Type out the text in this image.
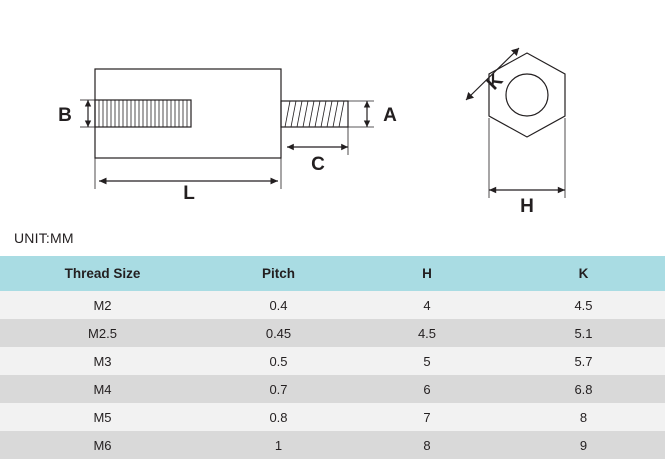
B	A
C
L
K
H
UNIT:MM
Thread Size	Pitch	H	K
M2	0.4	4	4.5
M2.5	0.45	4.5	5.1
M3	0.5	5	5.7
M4	0.7	6	6.8
M5	0.8	7	8
M6	1	8	9
